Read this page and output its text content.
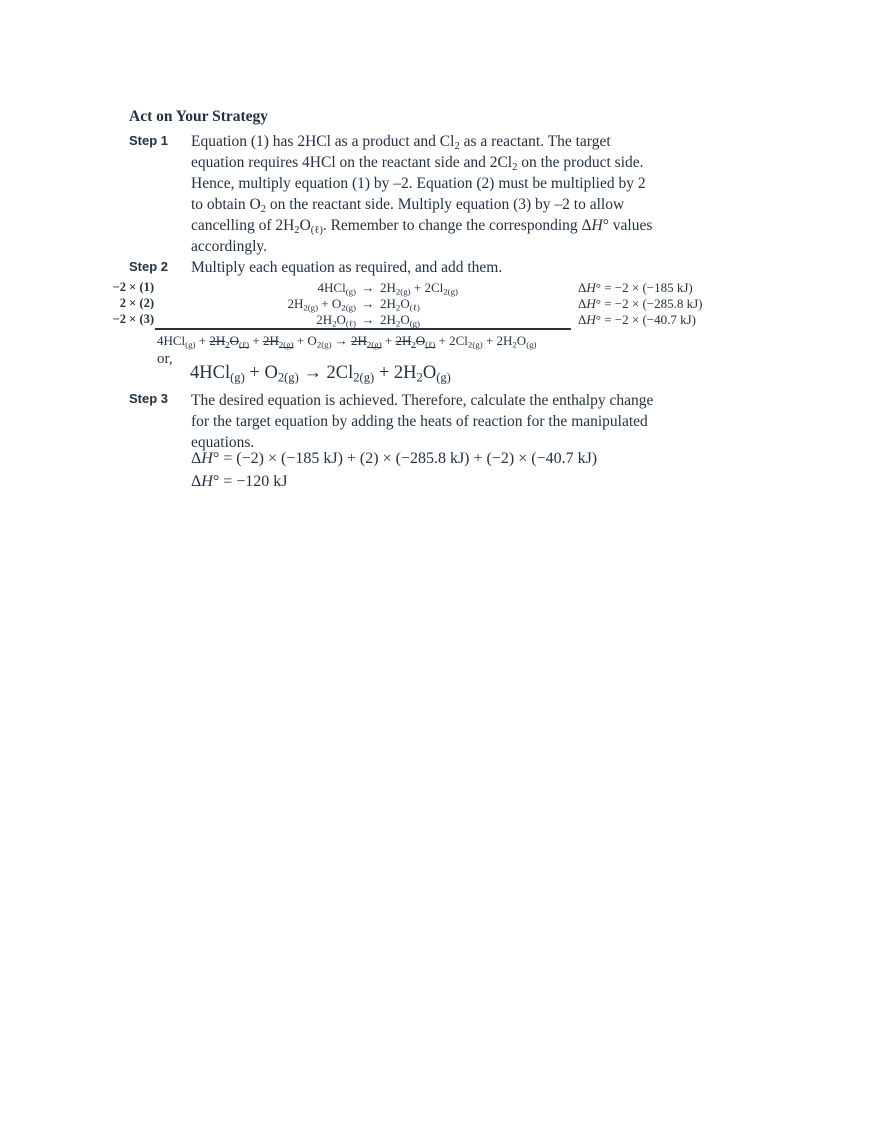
Act on Your Strategy
Step 1 Equation (1) has 2HCl as a product and $Cl_2$ as a reactant. The target
equation requires 4HCl on the reactant side and $2Cl_2$ on the product side.
Hence, multiply equation (1) by –2. Equation (2) must be multiplied by 2
to obtain $O_2$ on the reactant side. Multiply equation (3) by –2 to allow
cancelling of $2H_2O_{(\ell)}$. Remember to change the corresponding ΔH° values
accordingly.
Step 2 Multiply each equation as required, and add them.
−2 × (1)	$4HCl_{(g)} \to 2H_{2(g)} + 2Cl_{2(g)}$	ΔH° = −2 × (−185 kJ)
2 × (2)	$2H_{2(g)} + O_{2(g)} \to 2H_2O_{(\ell)}$	ΔH° = −2 × (−285.8 kJ)
−2 × (3)	$2H_2O_{(\ell)} \to 2H_2O_{(g)}$	ΔH° = −2 × (−40.7 kJ)
$4HCl_{(g)} + 2H_2O_{(\ell)} + 2H_{2(g)} + O_{2(g)} \to 2H_{2(g)} + 2H_2O_{(\ell)} + 2Cl_{2(g)} + 2H_2O_{(g)}$
or,
$4HCl_{(g)} + O_{2(g)} \to 2Cl_{2(g)} + 2H_2O_{(g)}$
Step 3 The desired equation is achieved. Therefore, calculate the enthalpy change
for the target equation by adding the heats of reaction for the manipulated
equations.
ΔH° = (−2) × (−185 kJ) + (2) × (−285.8 kJ) + (−2) × (−40.7 kJ)
ΔH° = −120 kJ
